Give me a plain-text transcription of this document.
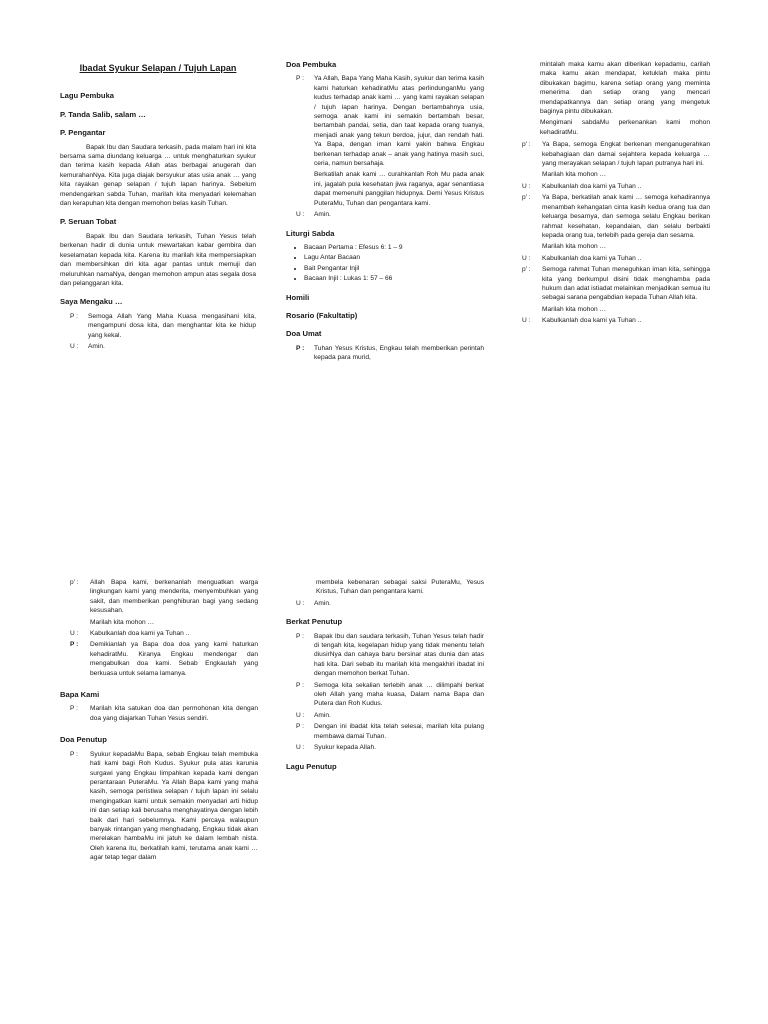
Ibadat Syukur Selapan / Tujuh Lapan
Lagu Pembuka
P. Tanda Salib, salam …
P. Pengantar
Bapak Ibu dan Saudara terkasih, pada malam hari ini kita bersama sama diundang keluarga … untuk menghaturkan syukur dan terima kasih kepada Allah atas berbagai anugerah dan kemurahanNya. Kita juga diajak bersyukur atas usia anak … yang kita rayakan genap selapan / tujuh lapan harinya. Sebelum mendengarkan sabda Tuhan, marilah kita menyadari kelemahan dan kerapuhan kita dengan memohon belas kasih Tuhan.
P. Seruan Tobat
Bapak Ibu dan Saudara terkasih, Tuhan Yesus telah berkenan hadir di dunia untuk mewartakan kabar gembira dan keselamatan kepada kita. Karena itu marilah kita mempersiapkan dan membersihkan diri kita agar pantas untuk memuji dan meluruhkan namaNya, dengan memohon ampun atas segala dosa dan pelanggaran kita.
Saya Mengaku …
P :	Semoga Allah Yang Maha Kuasa mengasihani kita, mengampuni dosa kita, dan menghantar kita ke hidup yang kekal.
U :	Amin.
Doa Pembuka
P :	Ya Allah, Bapa Yang Maha Kasih, syukur dan terima kasih kami haturkan kehadiratMu atas perlindunganMu yang kudus terhadap anak kami … yang kami rayakan selapan / tujuh lapan harinya. Dengan bertambahnya usia, semoga anak kami ini semakin bertambah besar, bertambah pandai, setia, dan taat kepada orang tuanya, menjadi anak yang tekun berdoa, jujur, dan rendah hati. Ya Bapa, dengan iman kami yakin bahwa Engkau berkenan terhadap anak – anak yang hatinya masih suci, ceria, namun bersahaja.
Berkatilah anak kami … curahkanlah Roh Mu pada anak ini, jagalah pula kesehatan jiwa raganya, agar senantiasa dapat memenuhi panggilan hidupnya. Demi Yesus Kristus PuteraMu, Tuhan dan pengantara kami.
U :	Amin.
Liturgi Sabda
• Bacaan Pertama : Efesus 6: 1 – 9
• Lagu Antar Bacaan
• Bait Pengantar Injil
• Bacaan Injil : Lukas 1: 57 – 66
Homili
Rosario (Fakultatip)
Doa Umat
P :	Tuhan Yesus Kristus, Engkau telah memberikan perintah kepada para murid,
mintalah maka kamu akan diberikan kepadamu, carilah maka kamu akan mendapat, ketuklah maka pintu dibukakan bagimu, karena setiap orang yang meminta menerima dan setiap orang yang mencari mendapatkannya dan setiap orang yang mengetuk baginya pintu dibukakan.
Mengimani sabdaMu perkenankan kami mohon kehadiratMu.
p' :	Ya Bapa, semoga Engkat berkenan menganugerahkan kebahagiaan dan damai sejahtera kepada keluarga … yang merayakan selapan / tujuh lapan putranya hari ini.
Marilah kita mohon …
U :	Kabulkanlah doa kami ya Tuhan ..
p' :	Ya Bapa, berkatilah anak kami … semoga kehadirannya menambah kehangatan cinta kasih kedua orang tua dan keluarga besarnya, dan semoga selalu Engkau berikan rahmat kesehatan, kepandaian, dan selalu berbakti kepada orang tua, terlebih pada gereja dan sesama.
Marilah kita mohon …
U :	Kabulkanlah doa kami ya Tuhan ..
p' :	Semoga rahmat Tuhan meneguhkan iman kita, sehingga kita yang berkumpul disini tidak menghamba pada hukum dan adat istiadat melainkan menjadikan semua itu sebagai sarana pengabdian kepada Tuhan Allah kita.
Marilah kita mohon …
U :	Kabulkanlah doa kami ya Tuhan ..
p' :	Allah Bapa kami, berkenanlah menguatkan warga lingkungan kami yang menderita, menyembuhkan yang sakit, dan memberikan penghiburan bagi yang sedang kesusahan.
Marilah kita mohon …
U :	Kabulkanlah doa kami ya Tuhan ..
P :	Demikianlah ya Bapa doa doa yang kami haturkan kehadiratMu. Kiranya Engkau mendengar dan mengabulkan doa kami. Sebab Engkaulah yang berkuasa untuk selama lamanya.
Bapa Kami
P :	Marilah kita satukan doa dan permohonan kita dengan doa yang diajarkan Tuhan Yesus sendiri.
Doa Penutup
P :	Syukur kepadaMu Bapa, sebab Engkau telah membuka hati kami bagi Roh Kudus. Syukur pula atas karunia surgawi yang Engkau limpahkan kepada kami dengan perantaraan PuteraMu. Ya Allah Bapa kami yang maha kasih, semoga peristiwa selapan / tujuh lapan ini selalu mengingatkan kami untuk semakin menyadari arti hidup ini dan setiap kali berusaha menghayatinya dengan lebih baik dari hari sebelumnya. Kami percaya walaupun banyak rintangan yang menghadang, Engkau tidak akan merelakan hambaMu ini jatuh ke dalam lembah nista. Oleh karena itu, berkatilah kami, terutama anak kami … agar tetap tegar dalam
membela kebenaran sebagai saksi PuteraMu, Yesus Kristus, Tuhan dan pengantara kami.
U :	Amin.
Berkat Penutup
P :	Bapak Ibu dan saudara terkasih, Tuhan Yesus telah hadir di tengah kita, kegelapan hidup yang tidak menentu telah diusirNya dan cahaya baru bersinar atas dunia dan atas hati kita. Dari sebab itu marilah kita mengakhiri ibadat ini dengan memohon berkat Tuhan.
P :	Semoga kita sekalian terlebih anak … dilimpahi berkat oleh Allah yang maha kuasa, Dalam nama Bapa dan Putera dan Roh Kudus.
U :	Amin.
P :	Dengan ini ibadat kita telah selesai, marilah kita pulang membawa damai Tuhan.
U :	Syukur kepada Allah.
Lagu Penutup
